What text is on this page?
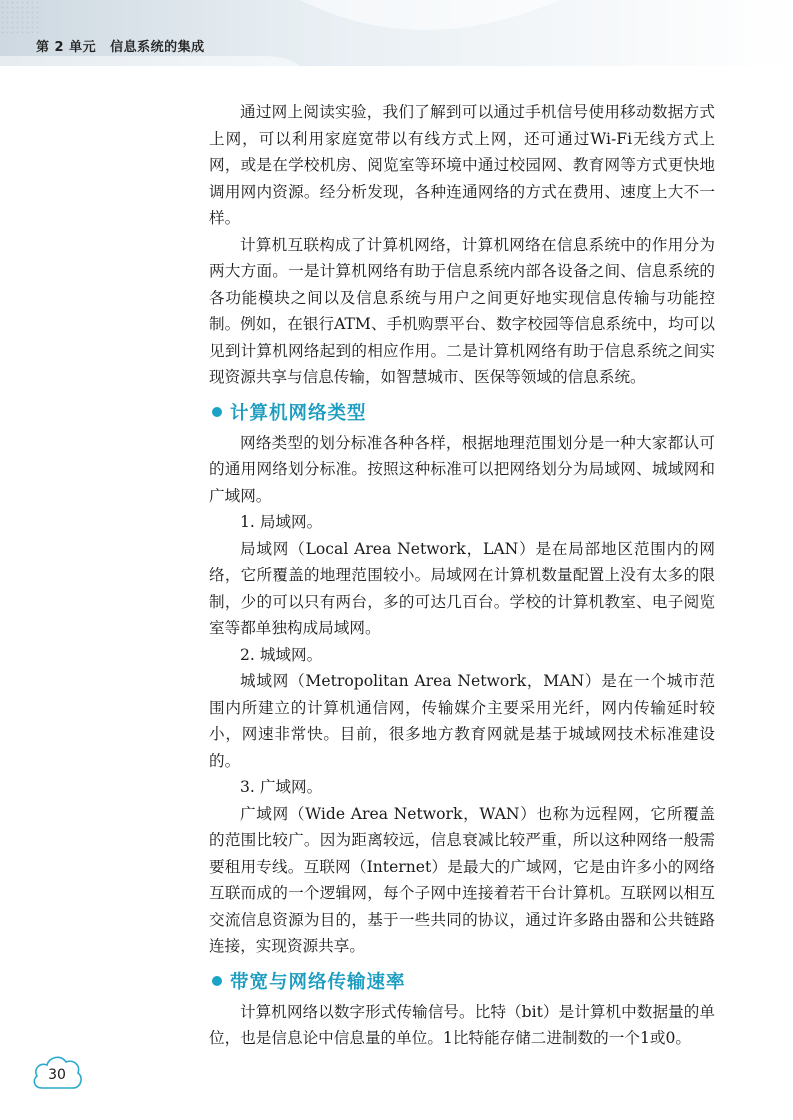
第 2 单元 信息系统的集成

通过网上阅读实验，我们了解到可以通过手机信号使用移动数据方式上网，可以利用家庭宽带以有线方式上网，还可通过Wi-Fi无线方式上网，或是在学校机房、阅览室等环境中通过校园网、教育网等方式更快地调用网内资源。经分析发现，各种连通网络的方式在费用、速度上大不一样。

计算机互联构成了计算机网络，计算机网络在信息系统中的作用分为两大方面。一是计算机网络有助于信息系统内部各设备之间、信息系统的各功能模块之间以及信息系统与用户之间更好地实现信息传输与功能控制。例如，在银行ATM、手机购票平台、数字校园等信息系统中，均可以见到计算机网络起到的相应作用。二是计算机网络有助于信息系统之间实现资源共享与信息传输，如智慧城市、医保等领域的信息系统。

计算机网络类型

网络类型的划分标准各种各样，根据地理范围划分是一种大家都认可的通用网络划分标准。按照这种标准可以把网络划分为局域网、城域网和广域网。

1. 局域网。

局域网（Local Area Network，LAN）是在局部地区范围内的网络，它所覆盖的地理范围较小。局域网在计算机数量配置上没有太多的限制，少的可以只有两台，多的可达几百台。学校的计算机教室、电子阅览室等都单独构成局域网。

2. 城域网。

城域网（Metropolitan Area Network，MAN）是在一个城市范围内所建立的计算机通信网，传输媒介主要采用光纤，网内传输延时较小，网速非常快。目前，很多地方教育网就是基于城域网技术标准建设的。

3. 广域网。

广域网（Wide Area Network，WAN）也称为远程网，它所覆盖的范围比较广。因为距离较远，信息衰减比较严重，所以这种网络一般需要租用专线。互联网（Internet）是最大的广域网，它是由许多小的网络互联而成的一个逻辑网，每个子网中连接着若干台计算机。互联网以相互交流信息资源为目的，基于一些共同的协议，通过许多路由器和公共链路连接，实现资源共享。

带宽与网络传输速率

计算机网络以数字形式传输信号。比特（bit）是计算机中数据量的单位，也是信息论中信息量的单位。1比特能存储二进制数的一个1或0。

30
